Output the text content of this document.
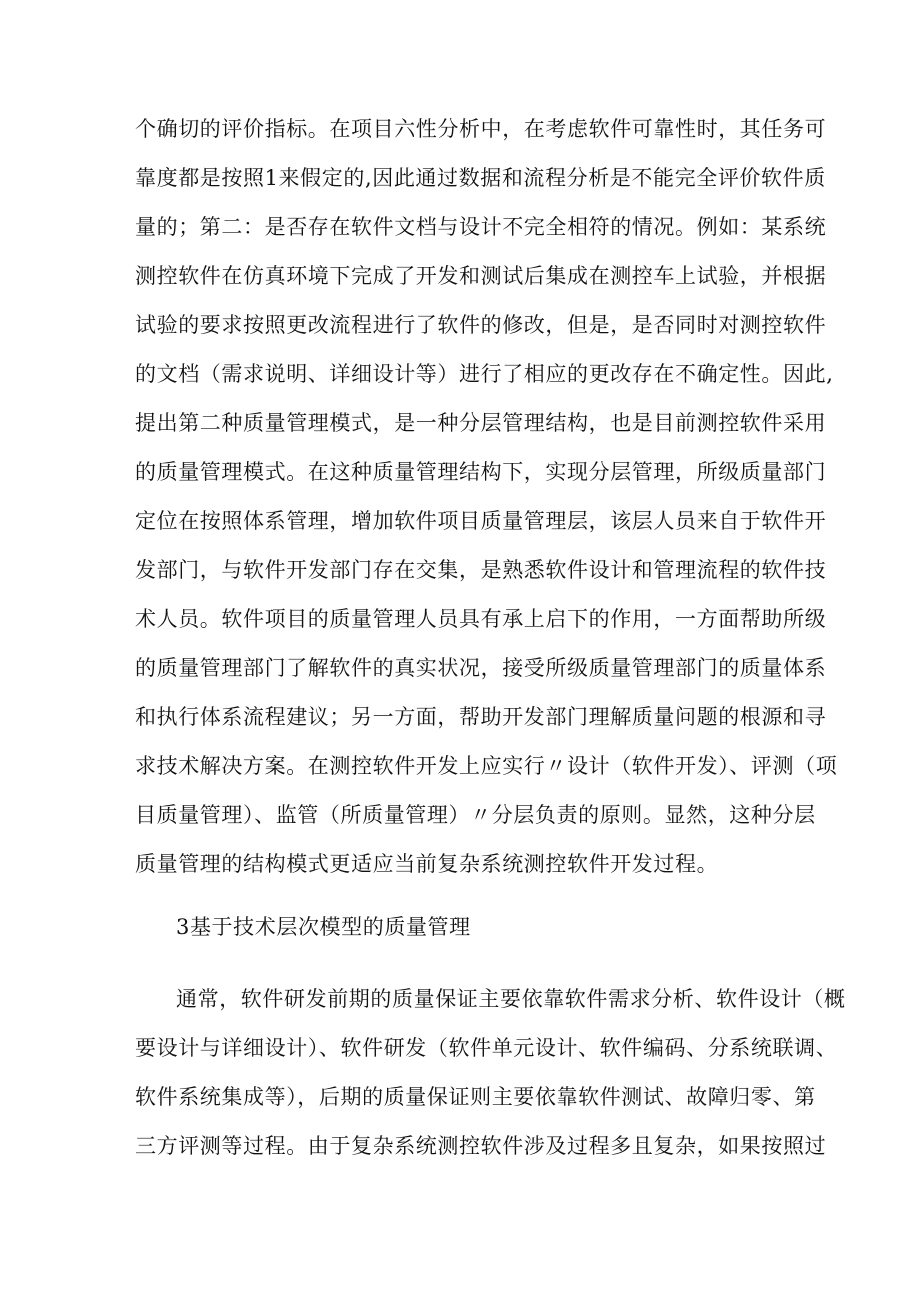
个确切的评价指标。在项目六性分析中，在考虑软件可靠性时，其任务可
靠度都是按照1来假定的,因此通过数据和流程分析是不能完全评价软件质
量的；第二：是否存在软件文档与设计不完全相符的情况。例如：某系统
测控软件在仿真环境下完成了开发和测试后集成在测控车上试验，并根据
试验的要求按照更改流程进行了软件的修改，但是，是否同时对测控软件
的文档（需求说明、详细设计等）进行了相应的更改存在不确定性。因此,
提出第二种质量管理模式，是一种分层管理结构，也是目前测控软件采用
的质量管理模式。在这种质量管理结构下，实现分层管理，所级质量部门
定位在按照体系管理，增加软件项目质量管理层，该层人员来自于软件开
发部门，与软件开发部门存在交集，是熟悉软件设计和管理流程的软件技
术人员。软件项目的质量管理人员具有承上启下的作用，一方面帮助所级
的质量管理部门了解软件的真实状况，接受所级质量管理部门的质量体系
和执行体系流程建议；另一方面，帮助开发部门理解质量问题的根源和寻
求技术解决方案。在测控软件开发上应实行〃设计（软件开发）、评测（项
目质量管理）、监管（所质量管理）〃分层负责的原则。显然，这种分层
质量管理的结构模式更适应当前复杂系统测控软件开发过程。
3基于技术层次模型的质量管理
通常，软件研发前期的质量保证主要依靠软件需求分析、软件设计（概
要设计与详细设计）、软件研发（软件单元设计、软件编码、分系统联调、
软件系统集成等），后期的质量保证则主要依靠软件测试、故障归零、第
三方评测等过程。由于复杂系统测控软件涉及过程多且复杂，如果按照过
